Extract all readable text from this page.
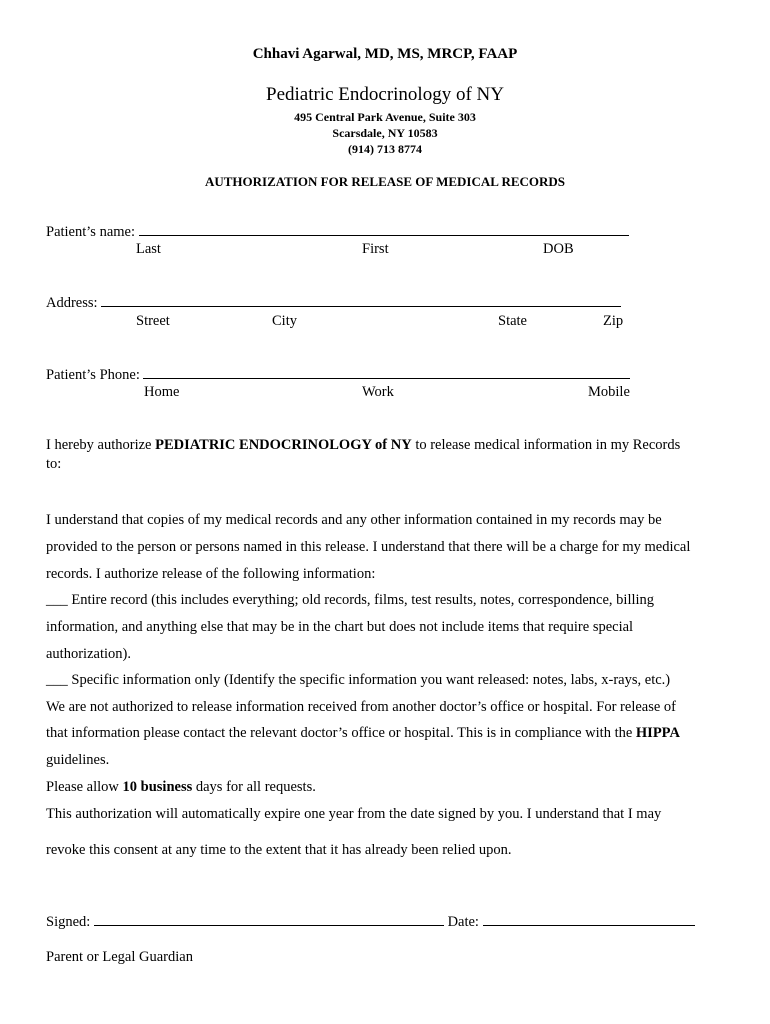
Chhavi Agarwal, MD, MS, MRCP, FAAP
Pediatric Endocrinology of NY
495 Central Park Avenue, Suite 303
Scarsdale, NY 10583
(914) 713 8774
AUTHORIZATION FOR RELEASE OF MEDICAL RECORDS
Patient’s name:
Last	First	DOB
Address:
Street	City	State	Zip
Patient’s Phone:
Home	Work	Mobile
I hereby authorize PEDIATRIC ENDOCRINOLOGY of NY to release medical information in my Records
to:
I understand that copies of my medical records and any other information contained in my records may be
provided to the person or persons named in this release. I understand that there will be a charge for my medical
records. I authorize release of the following information:
___ Entire record (this includes everything; old records, films, test results, notes, correspondence, billing
information, and anything else that may be in the chart but does not include items that require special
authorization).
___ Specific information only (Identify the specific information you want released: notes, labs, x-rays, etc.)
We are not authorized to release information received from another doctor’s office or hospital. For release of
that information please contact the relevant doctor’s office or hospital. This is in compliance with the HIPPA
guidelines.
Please allow 10 business days for all requests.
This authorization will automatically expire one year from the date signed by you. I understand that I may
revoke this consent at any time to the extent that it has already been relied upon.
Signed:	Date:
Parent or Legal Guardian
